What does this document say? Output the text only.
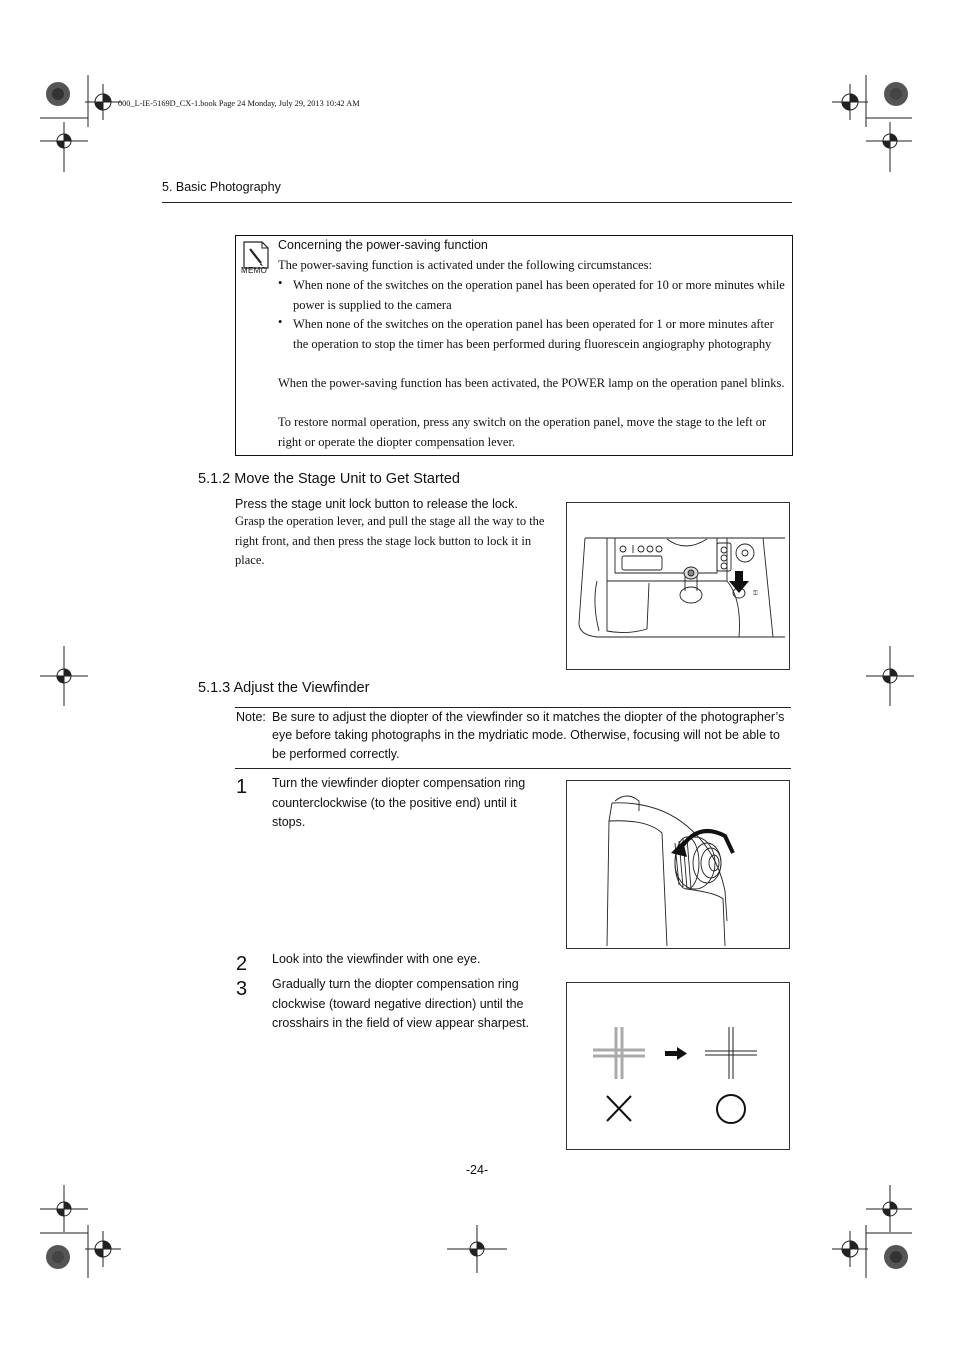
000_L-IE-5169D_CX-1.book Page 24 Monday, July 29, 2013 10:42 AM
5. Basic Photography
MEMO
Concerning the power-saving function
The power-saving function is activated under the following circumstances:
• When none of the switches on the operation panel has been operated for 10 or more minutes while power is supplied to the camera
• When none of the switches on the operation panel has been operated for 1 or more minutes after the operation to stop the timer has been performed during fluorescein angiography photography
When the power-saving function has been activated, the POWER lamp on the operation panel blinks.
To restore normal operation, press any switch on the operation panel, move the stage to the left or right or operate the diopter compensation lever.
5.1.2 Move the Stage Unit to Get Started
Press the stage unit lock button to release the lock.
Grasp the operation lever, and pull the stage all the way to the right front, and then press the stage lock button to lock it in place.
⚿
5.1.3 Adjust the Viewfinder
Note: Be sure to adjust the diopter of the viewfinder so it matches the diopter of the photographer’s eye before taking photographs in the mydriatic mode. Otherwise, focusing will not be able to be performed correctly.
1 Turn the viewfinder diopter compensation ring counterclockwise (to the positive end) until it stops.
2 Look into the viewfinder with one eye.
3 Gradually turn the diopter compensation ring clockwise (toward negative direction) until the crosshairs in the field of view appear sharpest.
-24-
